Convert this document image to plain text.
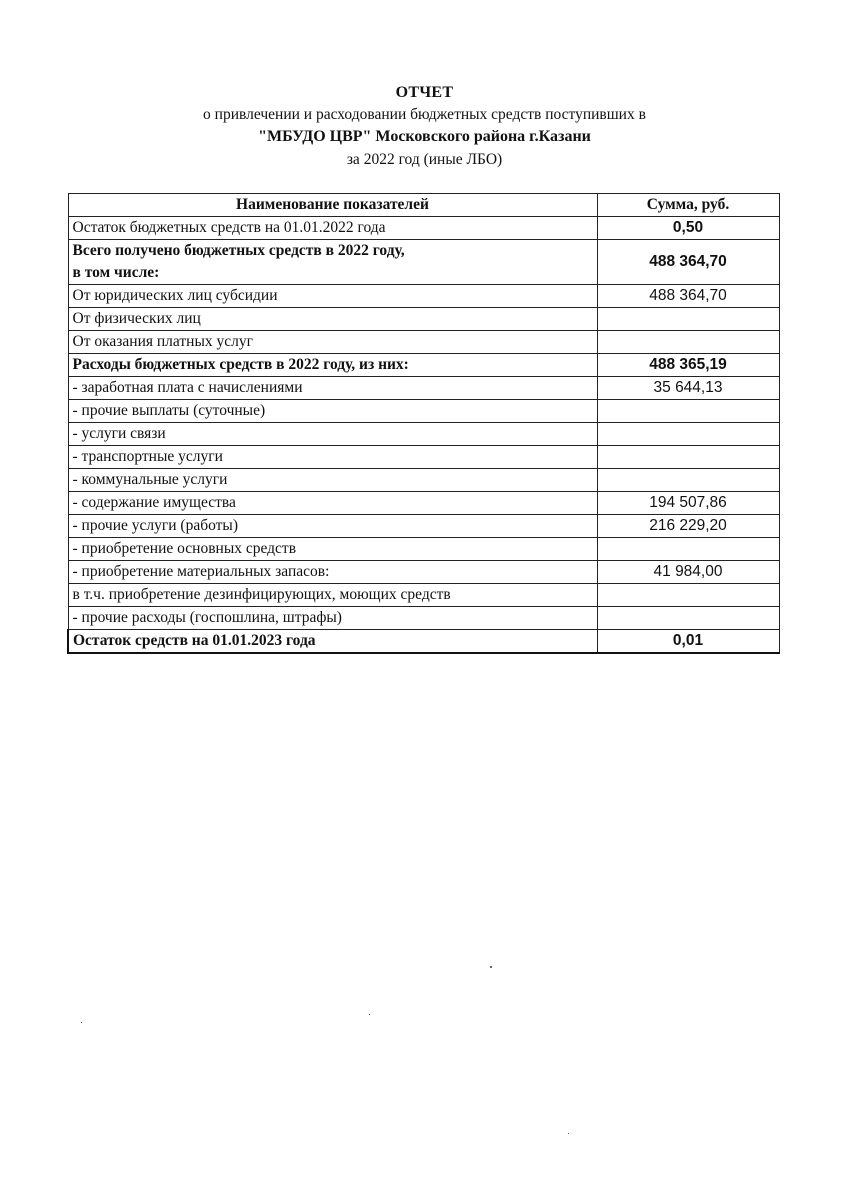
ОТЧЕТ
о привлечении и расходовании бюджетных средств поступивших в
"МБУДО ЦВР" Московского района г.Казани
за 2022 год (иные ЛБО)
Наименование показателей	Сумма, руб.
Остаток бюджетных средств на 01.01.2022 года	0,50

Всего получено бюджетных средств в 2022 году,
в том числе:	488 364,70
От юридических лиц субсидии	488 364,70
От физических лиц	
От оказания платных услуг	
Расходы бюджетных средств в 2022 году, из них:	488 365,19
- заработная плата с начислениями	35 644,13
- прочие выплаты (суточные)	
- услуги связи	
- транспортные услуги	
- коммунальные услуги	
- содержание имущества	194 507,86
- прочие услуги (работы)	216 229,20
- приобретение основных средств	
- приобретение материальных запасов:	41 984,00
в т.ч. приобретение дезинфицирующих, моющих средств	
- прочие расходы (госпошлина, штрафы)	
Остаток средств на 01.01.2023 года	0,01
